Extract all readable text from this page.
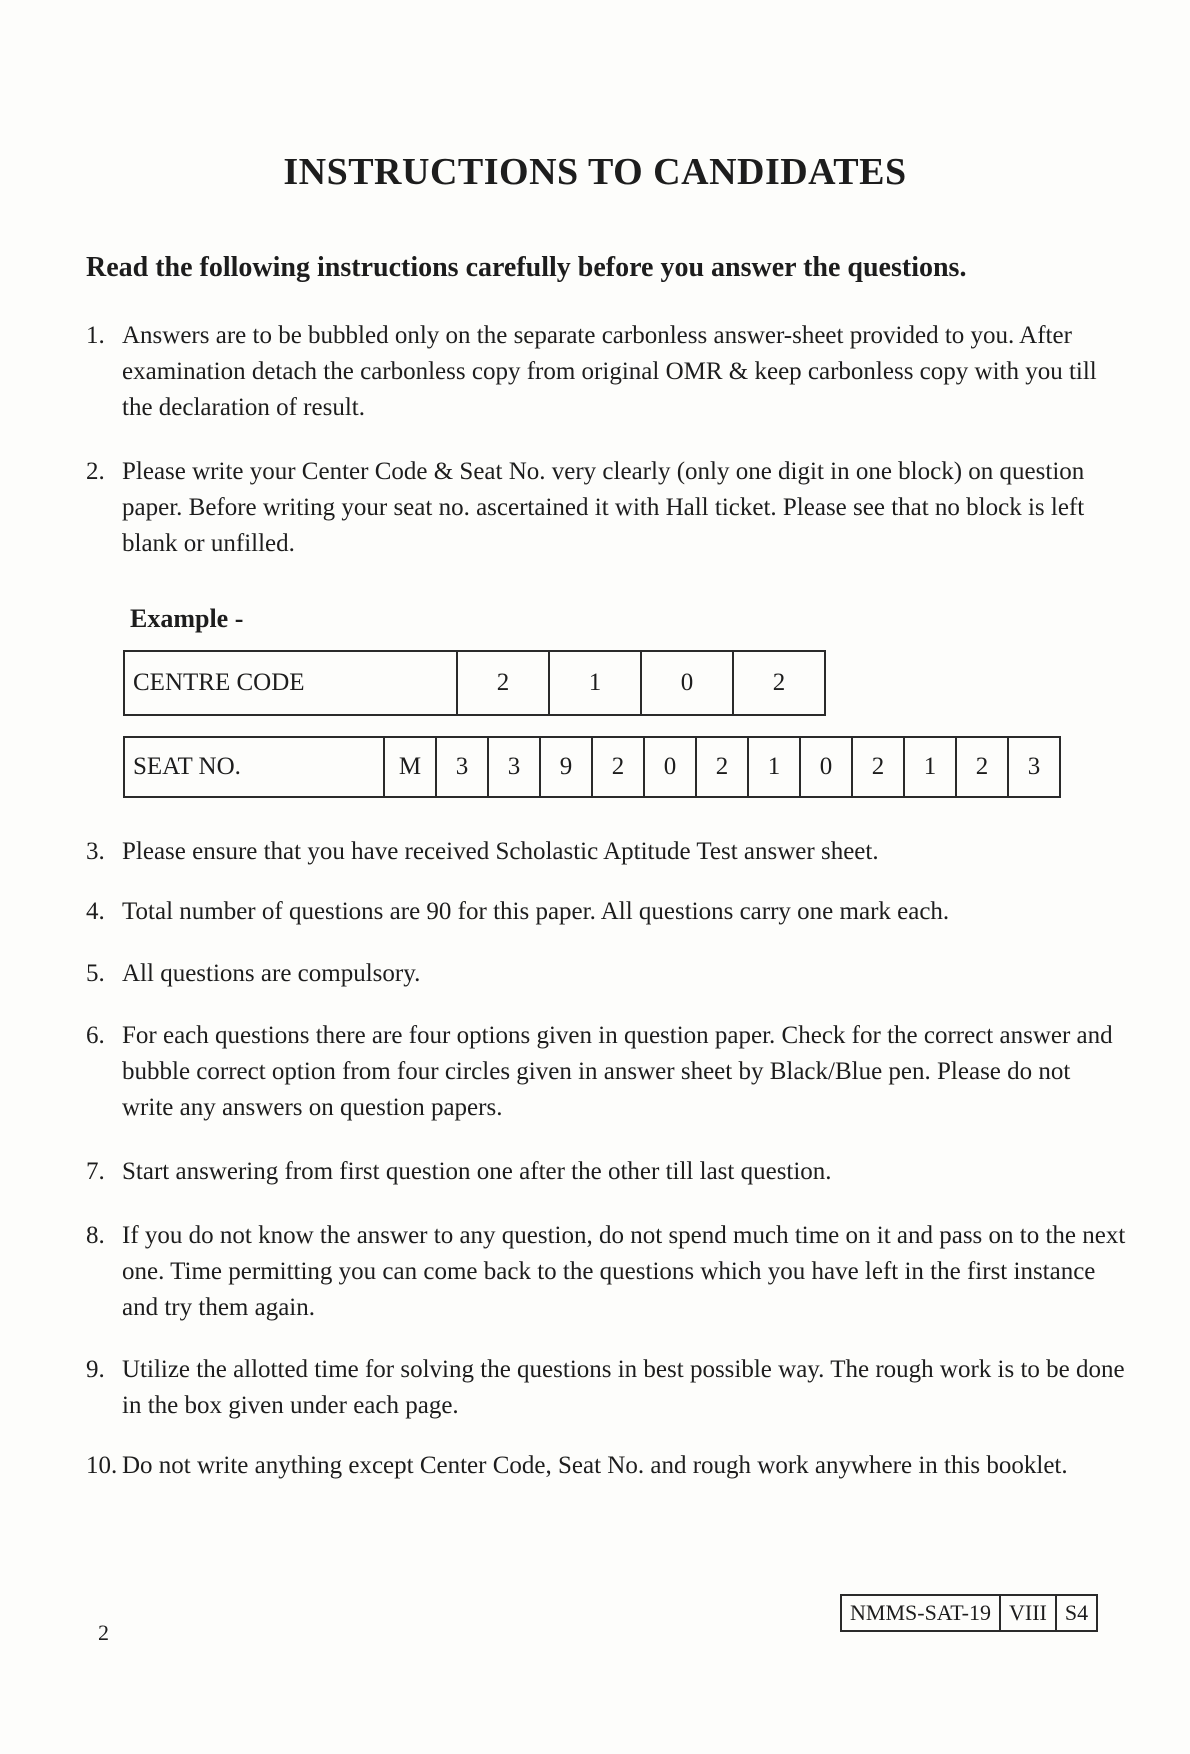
INSTRUCTIONS TO CANDIDATES
Read the following instructions carefully before you answer the questions.
1. Answers are to be bubbled only on the separate carbonless answer-sheet provided to you. After examination detach the carbonless copy from original OMR & keep carbonless copy with you till the declaration of result.
2. Please write your Center Code & Seat No. very clearly (only one digit in one block) on question paper. Before writing your seat no. ascertained it with Hall ticket. Please see that no block is left blank or unfilled.
3. Please ensure that you have received Scholastic Aptitude Test answer sheet.
4. Total number of questions are 90 for this paper. All questions carry one mark each.
5. All questions are compulsory.
6. For each questions there are four options given in question paper. Check for the correct answer and bubble correct option from four circles given in answer sheet by Black/Blue pen. Please do not write any answers on question papers.
7. Start answering from first question one after the other till last question.
8. If you do not know the answer to any question, do not spend much time on it and pass on to the next one. Time permitting you can come back to the questions which you have left in the first instance and try them again.
9. Utilize the allotted time for solving the questions in best possible way. The rough work is to be done in the box given under each page.
10. Do not write anything except Center Code, Seat No. and rough work anywhere in this booklet.
Example -
CENTRE CODE	2	1	0	2
SEAT NO.	M	3	3	9	2	0	2	1	0	2	1	2	3
2
NMMS-SAT-19 VIII S4
